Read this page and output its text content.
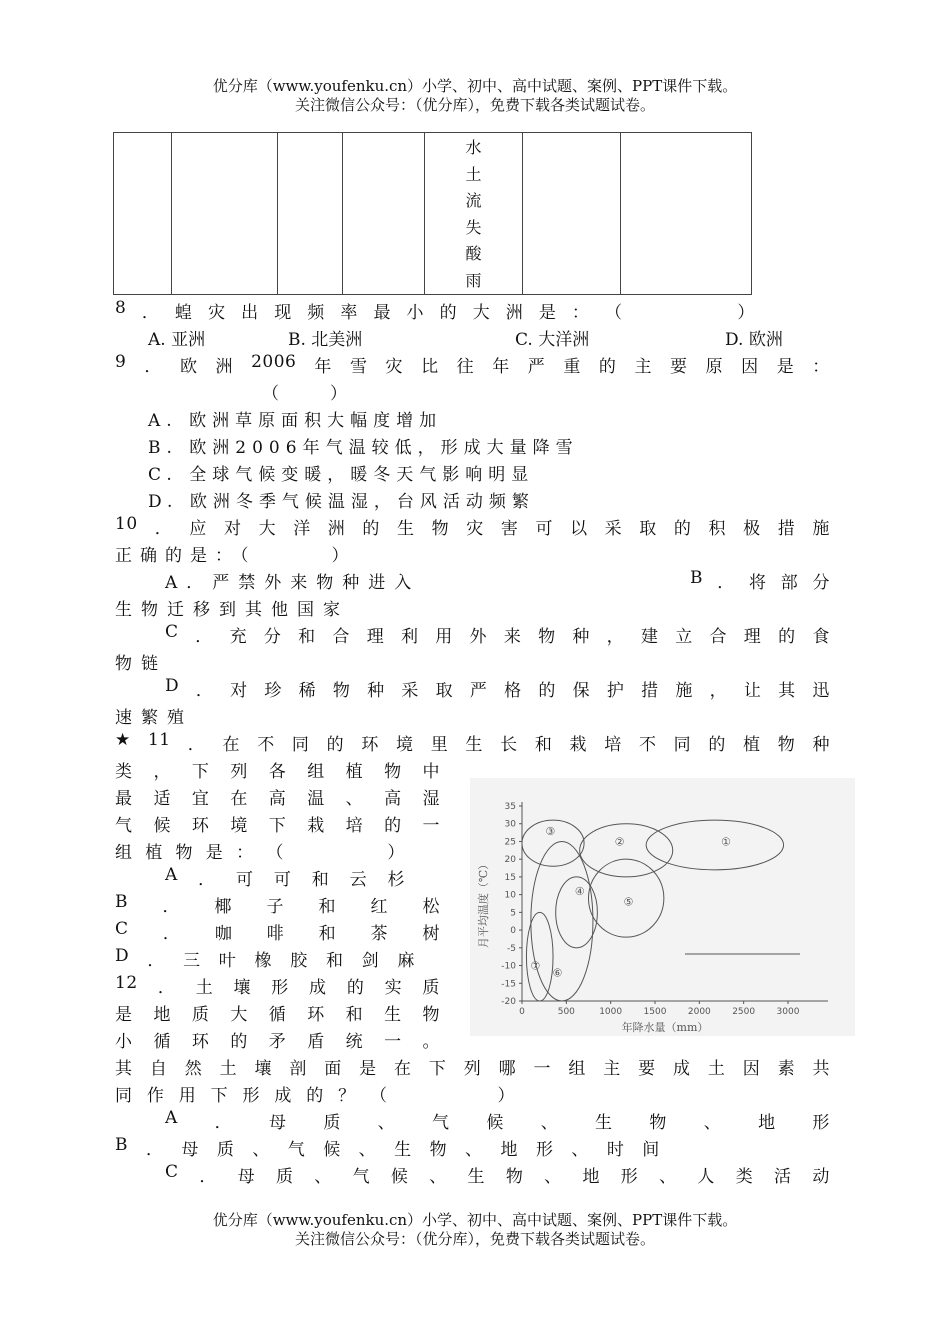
优分库（www.youfenku.cn）小学、初中、高中试题、案例、PPT课件下载。
关注微信公众号：（优分库），免费下载各类试题试卷。

水
土
流
失
酸
雨

8 ． 蝗 灾 出 现 频 率 最 小 的 大 洲 是 ： （

　	）
A. 亚洲	B. 北美洲	C. 大洋洲	D. 欧洲
9 ． 欧 洲 2006 年 雪 灾 比 往 年 严 重 的 主 要 原 因 是 ：
（　　　）
A. 欧洲草原面积大幅度增加
B. 欧洲2006年气温较低，形成大量降雪
C. 全球气候变暖，暖冬天气影响明显
D. 欧洲冬季气候温湿，台风活动频繁
10 ． 应 对 大 洋 洲 的 生 物 灾 害 可 以 采 取 的 积 极 措 施
正确的是：（　　　）
A．严禁外来物种进入	B ． 将 部 分
生物迁移到其他国家
C ． 充 分 和 合 理 利 用 外 来 物 种 ， 建 立 合 理 的 食
物链
D ． 对 珍 稀 物 种 采 取 严 格 的 保 护 措 施 ， 让 其 迅
速繁殖
★ 11 ． 在 不 同 的 环 境 里 生 长 和 栽 培 不 同 的 植 物 种
类 ， 下 列 各 组 植 物 中
最 适 宜 在 高 温 、 高 湿
气 候 环 境 下 栽 培 的 一
组 植 物 是 ： （

　	）
A ． 可 可 和 云 杉
B ． 椰 子 和 红 松
C ． 咖 啡 和 茶 树
D ． 三 叶 橡 胶 和 剑 麻
12 ． 土 壤 形 成 的 实 质
是 地 质 大 循 环 和 生 物
小 循 环 的 矛 盾 统 一 。
其 自 然 土 壤 剖 面 是 在 下 列 哪 一 组 主 要 成 土 因 素 共
同 作 用 下 形 成 的 ？ （

　	）
A ． 母 质 、 气 候 、 生 物 、 地 形
B ． 母 质 、 气 候 、 生 物 、 地 形 、 时 间
C ． 母 质 、 气 候 、 生 物 、 地 形 、 人 类 活 动
35
30
25
20
15
10
5
0
-5
-10
-15
-20
0	500	1000 1500 2000 2500 3000
年降水量（mm）
月平均温度（℃）
①
②
③
④
⑤
⑥
⑦
优分库（www.youfenku.cn）小学、初中、高中试题、案例、PPT课件下载。
关注微信公众号：（优分库），免费下载各类试题试卷。
